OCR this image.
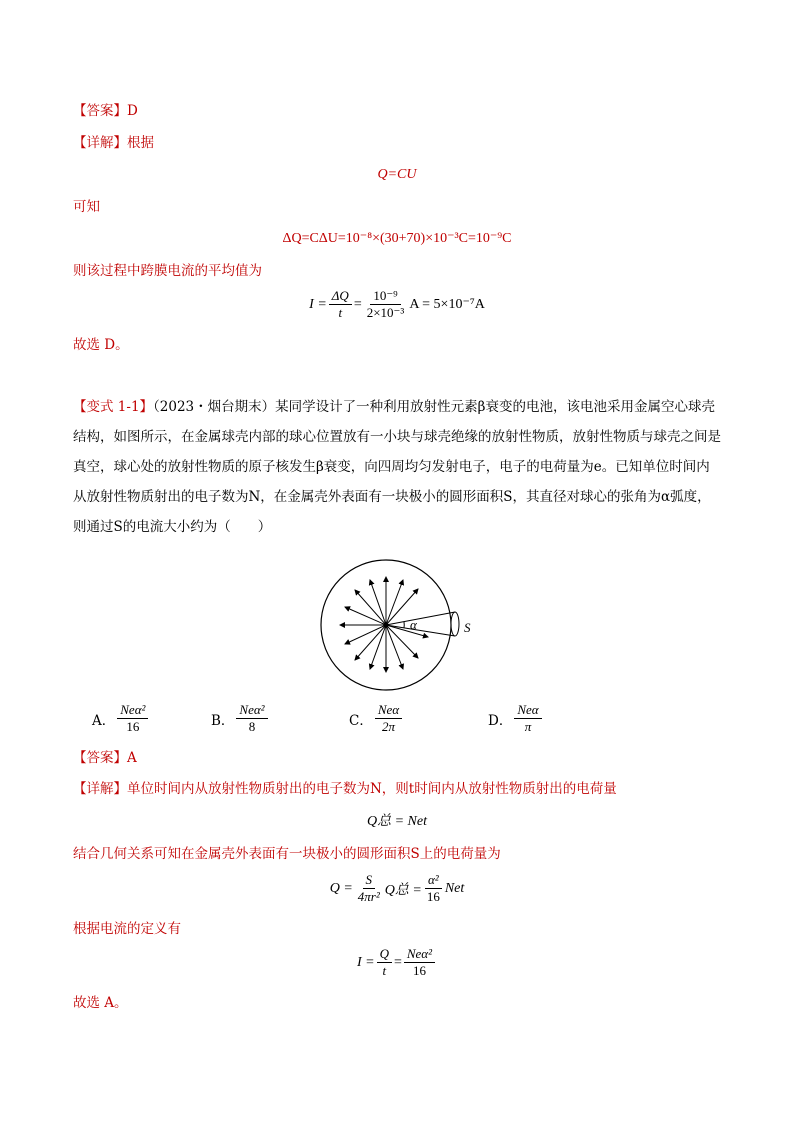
【答案】D
【详解】根据
Q=CU
可知
ΔQ=CΔU=10⁻⁸×(30+70)×10⁻³C=10⁻⁹C
则该过程中跨膜电流的平均值为
$I = \frac{\Delta Q}{t} = \frac{\text{10⁻⁹}}{\text{2×10⁻³}}$ A = 5×10⁻⁷A
故选 D。
【变式 1-1】（2023・烟台期末）某同学设计了一种利用放射性元素β衰变的电池，该电池采用金属空心球壳结构，如图所示，在金属球壳内部的球心位置放有一小块与球壳绝缘的放射性物质，放射性物质与球壳之间是真空，球心处的放射性物质的原子核发生β衰变，向四周均匀发射电子，电子的电荷量为e。已知单位时间内从放射性物质射出的电子数为N，在金属壳外表面有一块极小的圆形面积S，其直径对球心的张角为α弧度，则通过S的电流大小约为（　　）
α	S
A． $\frac{\text{Neα²}}{16}$	B． $\frac{\text{Neα²}}{8}$	C． $\frac{\text{Neα}}{2\pi}$	D． $\frac{\text{Neα}}{\pi}$
【答案】A
【详解】单位时间内从放射性物质射出的电子数为N，则t时间内从放射性物质射出的电荷量
Q总 = Net
结合几何关系可知在金属壳外表面有一块极小的圆形面积S上的电荷量为
$Q = \frac{S}{\text{4πr²}}$ Q总 = $\frac{\text{α²}}{16}$ Net
根据电流的定义有
$I = \frac{Q}{t} = \frac{\text{Neα²}}{16}$
故选 A。
